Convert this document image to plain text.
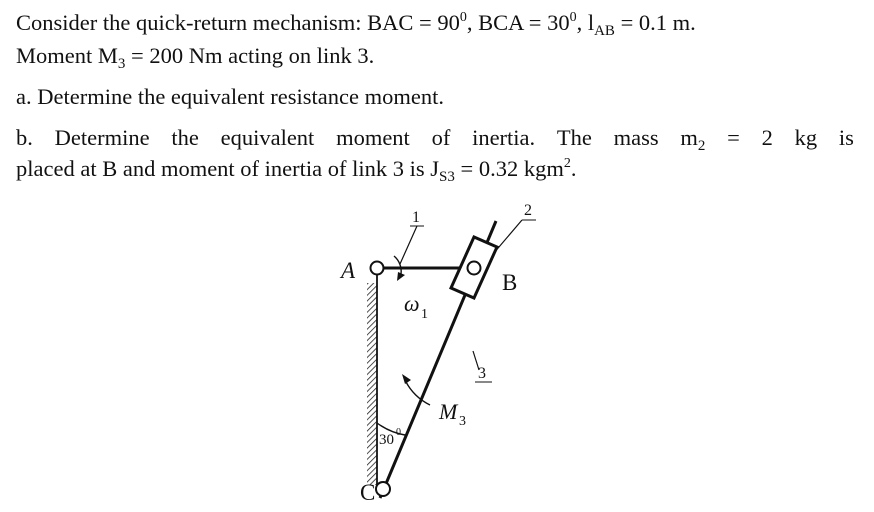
Consider the quick-return mechanism: BAC = $90^0$, BCA = $30^0$, $l_{AB} = 0.1$ m.
Moment $M_3 = 200$ Nm acting on link 3.
a. Determine the equivalent resistance moment.
b. Determine the equivalent moment of inertia. The mass $m_2 = 2$ kg is
placed at B and moment of inertia of link 3 is $J_{S3} = 0.32$ kgm$^2$.
A	B
C
1	2
3
ω 1
M 3
30 0
